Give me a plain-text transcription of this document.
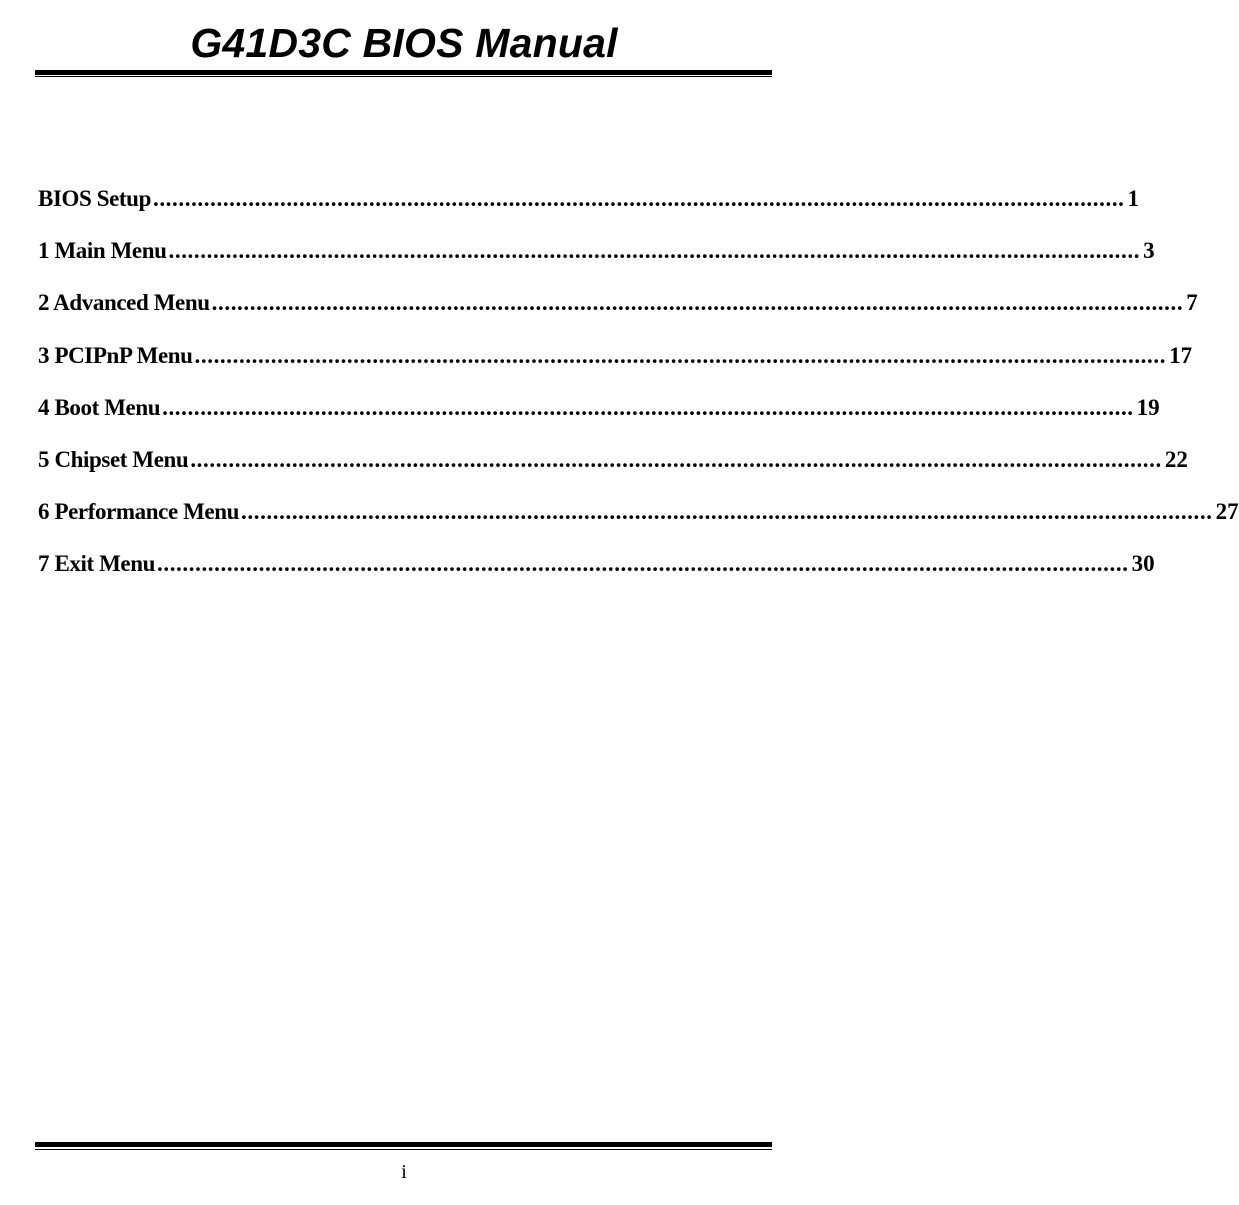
G41D3C BIOS Manual
BIOS Setup ......................................................................................................................................................... 1
1 Main Menu ......................................................................................................................................................... 3
2 Advanced Menu ......................................................................................................................................................... 7
3 PCIPnP Menu ......................................................................................................................................................... 17
4 Boot Menu ......................................................................................................................................................... 19
5 Chipset Menu ......................................................................................................................................................... 22
6 Performance Menu ......................................................................................................................................................... 27
7 Exit Menu ......................................................................................................................................................... 30
i
